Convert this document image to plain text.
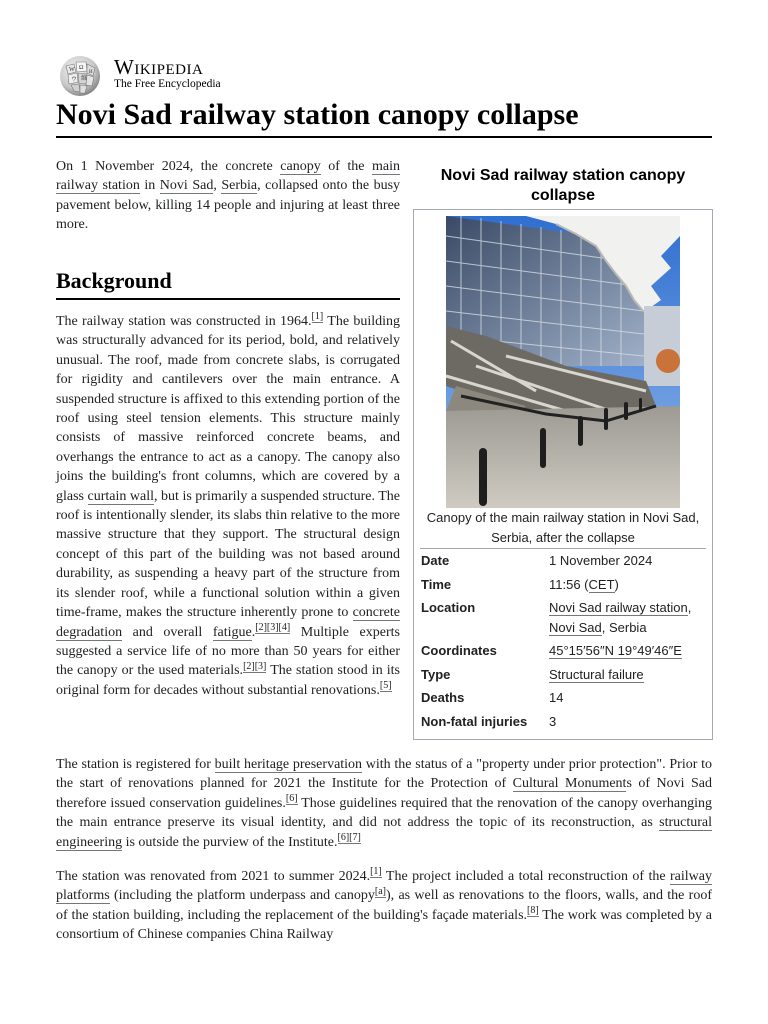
W Ω
И
ウ 維 Wikipedia
The Free Encyclopedia
Novi Sad railway station canopy collapse

On 1 November 2024, the concrete canopy of the main railway station in Novi Sad, Serbia, collapsed onto the busy pavement below, killing 14 people and injuring at least three more.

Background

The railway station was constructed in 1964.[1] The building was structurally advanced for its period, bold, and relatively unusual. The roof, made from concrete slabs, is corrugated for rigidity and cantilevers over the main entrance. A suspended structure is affixed to this extending portion of the roof using steel tension elements. This structure mainly consists of massive reinforced concrete beams, and overhangs the entrance to act as a canopy. The canopy also joins the building's front columns, which are covered by a glass curtain wall, but is primarily a suspended structure. The roof is intentionally slender, its slabs thin relative to the more massive structure that they support. The structural design concept of this part of the building was not based around durability, as suspending a heavy part of the structure from its slender roof, while a functional solution within a given time-frame, makes the structure inherently prone to concrete degradation and overall fatigue.[2][3][4] Multiple experts suggested a service life of no more than 50 years for either the canopy or the used materials.[2][3] The station stood in its original form for decades without substantial renovations.[5]

The station is registered for built heritage preservation with the status of a "property under prior protection". Prior to the start of renovations planned for 2021 the Institute for the Protection of Cultural Monuments of Novi Sad therefore issued conservation guidelines.[6] Those guidelines required that the renovation of the canopy overhanging the main entrance preserve its visual identity, and did not address the topic of its reconstruction, as structural engineering is outside the purview of the Institute.[6][7]

The station was renovated from 2021 to summer 2024.[1] The project included a total reconstruction of the railway platforms (including the platform underpass and canopy[a]), as well as renovations to the floors, walls, and the roof of the station building, including the replacement of the building's façade materials.[8] The work was completed by a consortium of Chinese companies China Railway

Novi Sad railway station canopy collapse
Canopy of the main railway station in Novi Sad, Serbia, after the collapse
Date	1 November 2024
Time	11:56 (CET)
Location	Novi Sad railway station,
Novi Sad, Serbia
Coordinates	45°15′56″N 19°49′46″E
Type	Structural failure
Deaths	14
Non-fatal injuries	3
